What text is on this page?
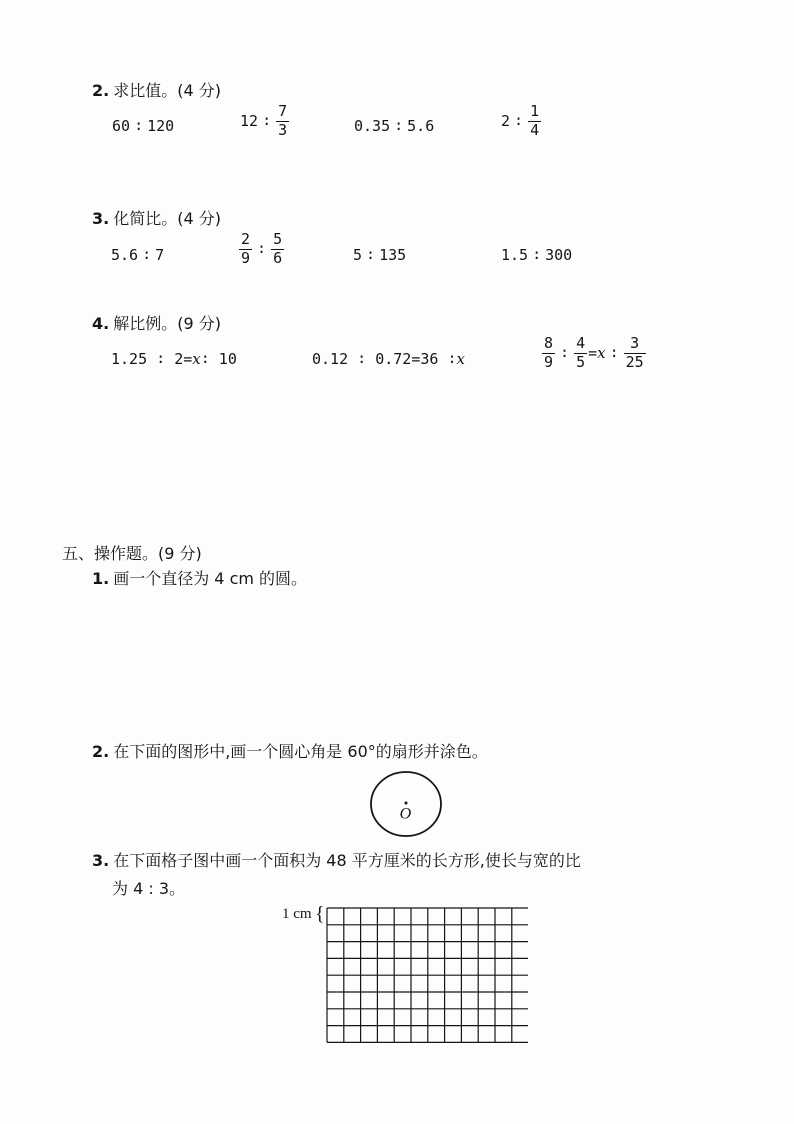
2. 求比值。(4 分)
60 ∶ 120	12 ∶ $\frac{7}{3}$	0.35 ∶ 5.6	2 ∶ $\frac{1}{4}$
3. 化简比。(4 分)
5.6 ∶ 7	$\frac{2}{9}$ ∶ $\frac{5}{6}$	5 ∶ 135	1.5 ∶ 300
4. 解比例。(9 分)
1.25 ∶ 2= x ∶ 10	0.12 ∶ 0.72=36 ∶ x	$\frac{8}{9}$ ∶ $\frac{4}{5} = x$ ∶ $\frac{3}{25}$
五、操作题。(9 分)
1. 画一个直径为 4 cm 的圆。
2. 在下面的图形中,画一个圆心角是 60°的扇形并涂色。
O
3. 在下面格子图中画一个面积为 48 平方厘米的长方形,使长与宽的比
为 4 : 3。
1 cm {
